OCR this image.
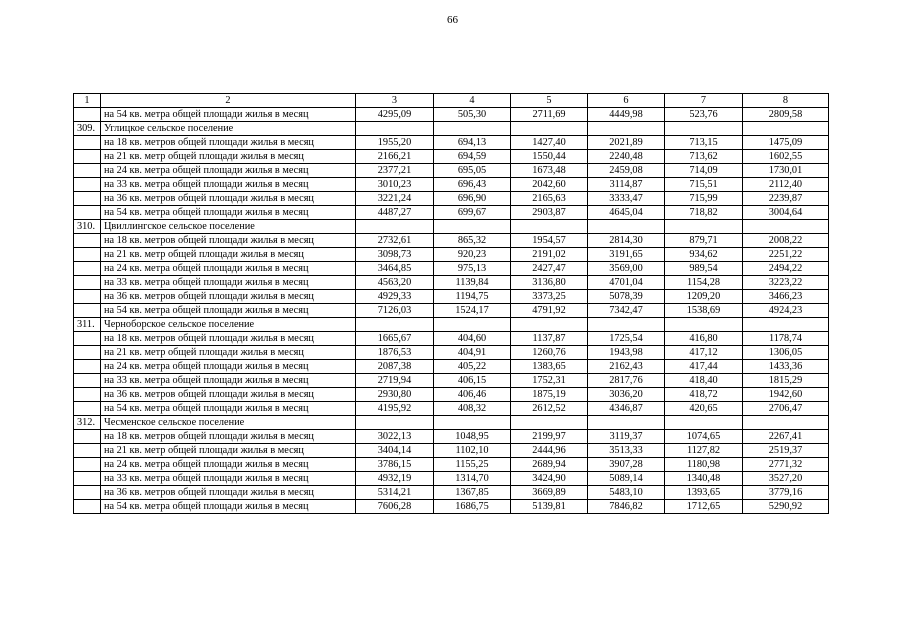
66
1	2	3	4	5	6	7	8
	на 54 кв. метра общей площади жилья в месяц	4295,09	505,30	2711,69	4449,98	523,76	2809,58
309.	Углицкое сельское поселение						
	на 18 кв. метров общей площади жилья в месяц	1955,20	694,13	1427,40	2021,89	713,15	1475,09
	на 21 кв. метр общей площади жилья в месяц	2166,21	694,59	1550,44	2240,48	713,62	1602,55
	на 24 кв. метра общей площади жилья в месяц	2377,21	695,05	1673,48	2459,08	714,09	1730,01
	на 33 кв. метра общей площади жилья в месяц	3010,23	696,43	2042,60	3114,87	715,51	2112,40
	на 36 кв. метров общей площади жилья в месяц	3221,24	696,90	2165,63	3333,47	715,99	2239,87
	на 54 кв. метра общей площади жилья в месяц	4487,27	699,67	2903,87	4645,04	718,82	3004,64
310.	Цвиллингское сельское поселение						
	на 18 кв. метров общей площади жилья в месяц	2732,61	865,32	1954,57	2814,30	879,71	2008,22
	на 21 кв. метр общей площади жилья в месяц	3098,73	920,23	2191,02	3191,65	934,62	2251,22
	на 24 кв. метра общей площади жилья в месяц	3464,85	975,13	2427,47	3569,00	989,54	2494,22
	на 33 кв. метра общей площади жилья в месяц	4563,20	1139,84	3136,80	4701,04	1154,28	3223,22
	на 36 кв. метров общей площади жилья в месяц	4929,33	1194,75	3373,25	5078,39	1209,20	3466,23
	на 54 кв. метра общей площади жилья в месяц	7126,03	1524,17	4791,92	7342,47	1538,69	4924,23
311.	Черноборское сельское поселение						
	на 18 кв. метров общей площади жилья в месяц	1665,67	404,60	1137,87	1725,54	416,80	1178,74
	на 21 кв. метр общей площади жилья в месяц	1876,53	404,91	1260,76	1943,98	417,12	1306,05
	на 24 кв. метра общей площади жилья в месяц	2087,38	405,22	1383,65	2162,43	417,44	1433,36
	на 33 кв. метра общей площади жилья в месяц	2719,94	406,15	1752,31	2817,76	418,40	1815,29
	на 36 кв. метров общей площади жилья в месяц	2930,80	406,46	1875,19	3036,20	418,72	1942,60
	на 54 кв. метра общей площади жилья в месяц	4195,92	408,32	2612,52	4346,87	420,65	2706,47
312.	Чесменское сельское поселение						
	на 18 кв. метров общей площади жилья в месяц	3022,13	1048,95	2199,97	3119,37	1074,65	2267,41
	на 21 кв. метр общей площади жилья в месяц	3404,14	1102,10	2444,96	3513,33	1127,82	2519,37
	на 24 кв. метра общей площади жилья в месяц	3786,15	1155,25	2689,94	3907,28	1180,98	2771,32
	на 33 кв. метра общей площади жилья в месяц	4932,19	1314,70	3424,90	5089,14	1340,48	3527,20
	на 36 кв. метров общей площади жилья в месяц	5314,21	1367,85	3669,89	5483,10	1393,65	3779,16
	на 54 кв. метра общей площади жилья в месяц	7606,28	1686,75	5139,81	7846,82	1712,65	5290,92
